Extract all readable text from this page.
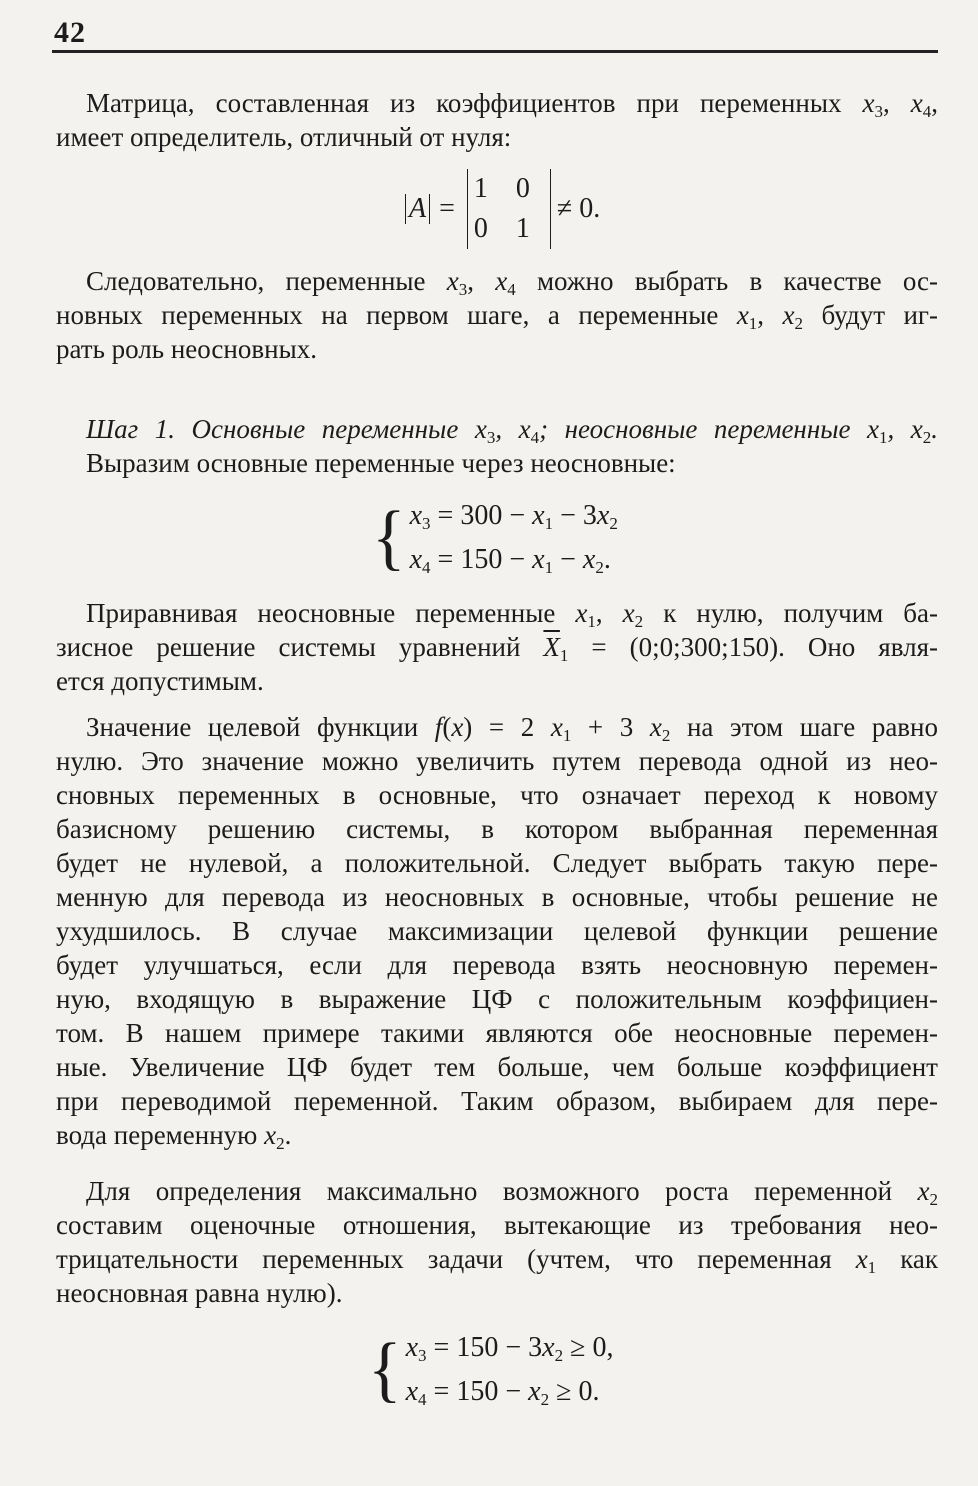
42
Матрица, составленная из коэффициентов при переменных $x_3$, $x_4$,
имеет определитель, отличный от нуля:
A =
1	0
0	1
≠ 0.
Следовательно, переменные $x_3$, $x_4$ можно выбрать в качестве ос-
новных переменных на первом шаге, а переменные $x_1$, $x_2$ будут иг-
рать роль неосновных.
Шаг 1. Основные переменные $x_3$, $x_4$; неосновные переменные $x_1$, $x_2$.
Выразим основные переменные через неосновные:
{ $x_3 = 300 - x_1 - 3x_2$
$x_4 = 150 - x_1 - x_2$.
Приравнивая неосновные переменные $x_1$, $x_2$ к нулю, получим ба-
зисное решение системы уравнений $\overline{X}_1$ = (0;0;300;150). Оно явля-
ется допустимым.
Значение целевой функции f(x) = 2 $x_1 + 3$ $x_2$ на этом шаге равно
нулю. Это значение можно увеличить путем перевода одной из нео-
сновных переменных в основные, что означает переход к новому
базисному решению системы, в котором выбранная переменная
будет не нулевой, а положительной. Следует выбрать такую пере-
менную для перевода из неосновных в основные, чтобы решение не
ухудшилось. В случае максимизации целевой функции решение
будет улучшаться, если для перевода взять неосновную перемен-
ную, входящую в выражение ЦФ с положительным коэффициен-
том. В нашем примере такими являются обе неосновные перемен-
ные. Увеличение ЦФ будет тем больше, чем больше коэффициент
при переводимой переменной. Таким образом, выбираем для пере-
вода переменную $x_2$.
Для определения максимально возможного роста переменной $x_2$
составим оценочные отношения, вытекающие из требования нео-
трицательности переменных задачи (учтем, что переменная $x_1$ как
неосновная равна нулю).
{ $x_3 = 150 - 3x_2 \ge 0$,
$x_4 = 150 - x_2 \ge 0$.
